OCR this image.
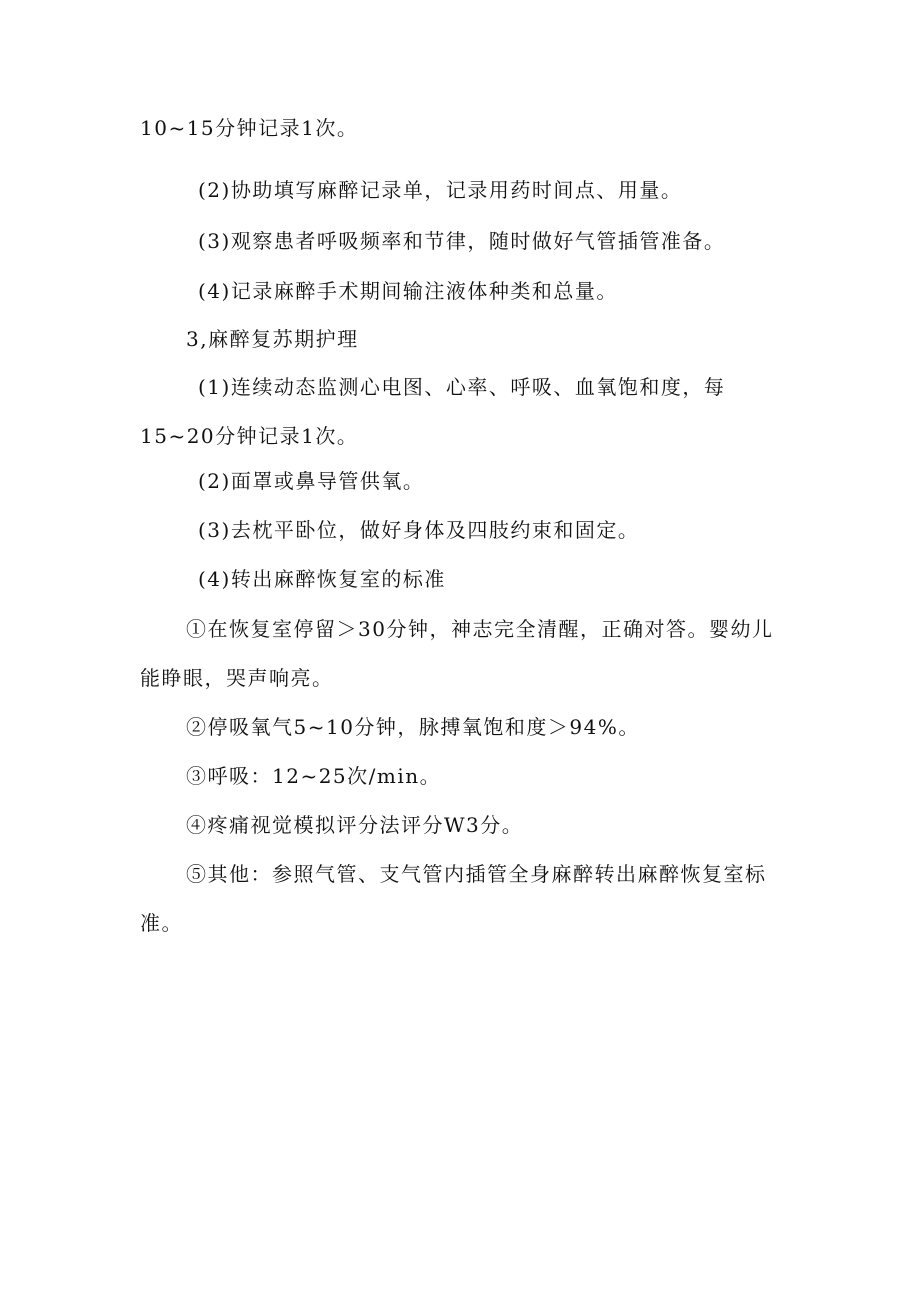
10~15分钟记录1次。
(2)协助填写麻醉记录单，记录用药时间点、用量。
(3)观察患者呼吸频率和节律，随时做好气管插管准备。
(4)记录麻醉手术期间输注液体种类和总量。
3,麻醉复苏期护理
(1)连续动态监测心电图、心率、呼吸、血氧饱和度，每
15~20分钟记录1次。
(2)面罩或鼻导管供氧。
(3)去枕平卧位，做好身体及四肢约束和固定。
(4)转出麻醉恢复室的标准
①在恢复室停留＞30分钟，神志完全清醒，正确对答。婴幼儿
能睁眼，哭声响亮。
②停吸氧气5~10分钟，脉搏氧饱和度＞94%。
③呼吸：12~25次/min。
④疼痛视觉模拟评分法评分W3分。
⑤其他：参照气管、支气管内插管全身麻醉转出麻醉恢复室标
准。
